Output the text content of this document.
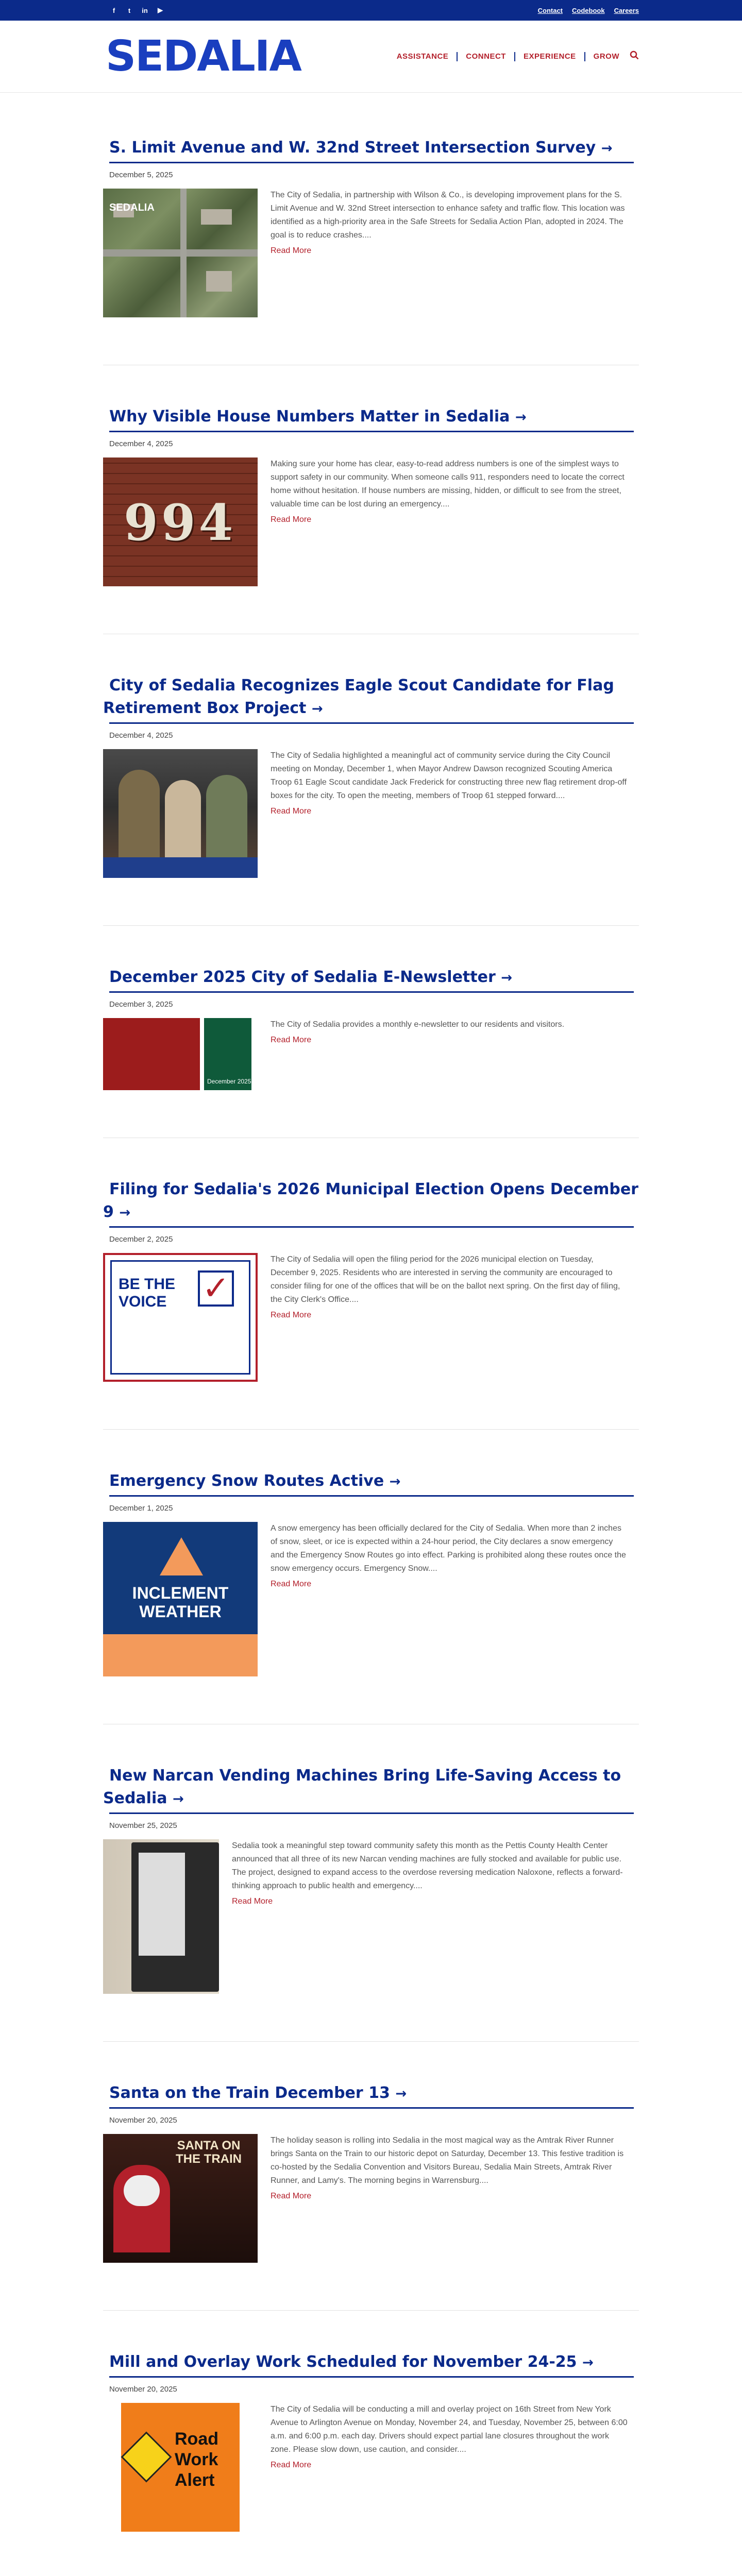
f	t	in	▶	Contact Codebook Careers
SEDALIA	ASSISTANCE	CONNECT	EXPERIENCE	GROW
S. Limit Avenue and W. 32nd Street Intersection Survey →
December 5, 2025
SEDALIA

The City of Sedalia, in partnership with Wilson & Co., is developing improvement plans for the S. Limit Avenue and W. 32nd Street intersection to enhance safety and traffic flow. This location was identified as a high-priority area in the Safe Streets for Sedalia Action Plan, adopted in 2024. The goal is to reduce crashes....

Read More
Why Visible House Numbers Matter in Sedalia →
December 4, 2025
994

Making sure your home has clear, easy-to-read address numbers is one of the simplest ways to support safety in our community. When someone calls 911, responders need to locate the correct home without hesitation. If house numbers are missing, hidden, or difficult to see from the street, valuable time can be lost during an emergency....

Read More
City of Sedalia Recognizes Eagle Scout Candidate for Flag Retirement Box Project →
December 4, 2025

The City of Sedalia highlighted a meaningful act of community service during the City Council meeting on Monday, December 1, when Mayor Andrew Dawson recognized Scouting America Troop 61 Eagle Scout candidate Jack Frederick for constructing three new flag retirement drop-off boxes for the city. To open the meeting, members of Troop 61 stepped forward....

Read More
December 2025 City of Sedalia E-Newsletter →
December 3, 2025
December 2025

The City of Sedalia provides a monthly e-newsletter to our residents and visitors.

Read More
Filing for Sedalia's 2026 Municipal Election Opens December 9 →
December 2, 2025
BE THE VOICE	✓

The City of Sedalia will open the filing period for the 2026 municipal election on Tuesday, December 9, 2025. Residents who are interested in serving the community are encouraged to consider filing for one of the offices that will be on the ballot next spring. On the first day of filing, the City Clerk's Office....

Read More
Emergency Snow Routes Active →
December 1, 2025
INCLEMENT WEATHER

A snow emergency has been officially declared for the City of Sedalia. When more than 2 inches of snow, sleet, or ice is expected within a 24-hour period, the City declares a snow emergency and the Emergency Snow Routes go into effect. Parking is prohibited along these routes once the snow emergency occurs. Emergency Snow....

Read More
New Narcan Vending Machines Bring Life-Saving Access to Sedalia →
November 25, 2025

Sedalia took a meaningful step toward community safety this month as the Pettis County Health Center announced that all three of its new Narcan vending machines are fully stocked and available for public use. The project, designed to expand access to the overdose reversing medication Naloxone, reflects a forward-thinking approach to public health and emergency....

Read More
Santa on the Train December 13 →
November 20, 2025
SANTA ON THE TRAIN

The holiday season is rolling into Sedalia in the most magical way as the Amtrak River Runner brings Santa on the Train to our historic depot on Saturday, December 13. This festive tradition is co-hosted by the Sedalia Convention and Visitors Bureau, Sedalia Main Streets, Amtrak River Runner, and Lamy's. The morning begins in Warrensburg....

Read More
Mill and Overlay Work Scheduled for November 24-25 →
November 20, 2025
Road Work Alert

The City of Sedalia will be conducting a mill and overlay project on 16th Street from New York Avenue to Arlington Avenue on Monday, November 24, and Tuesday, November 25, between 6:00 a.m. and 6:00 p.m. each day. Drivers should expect partial lane closures throughout the work zone. Please slow down, use caution, and consider....

Read More
